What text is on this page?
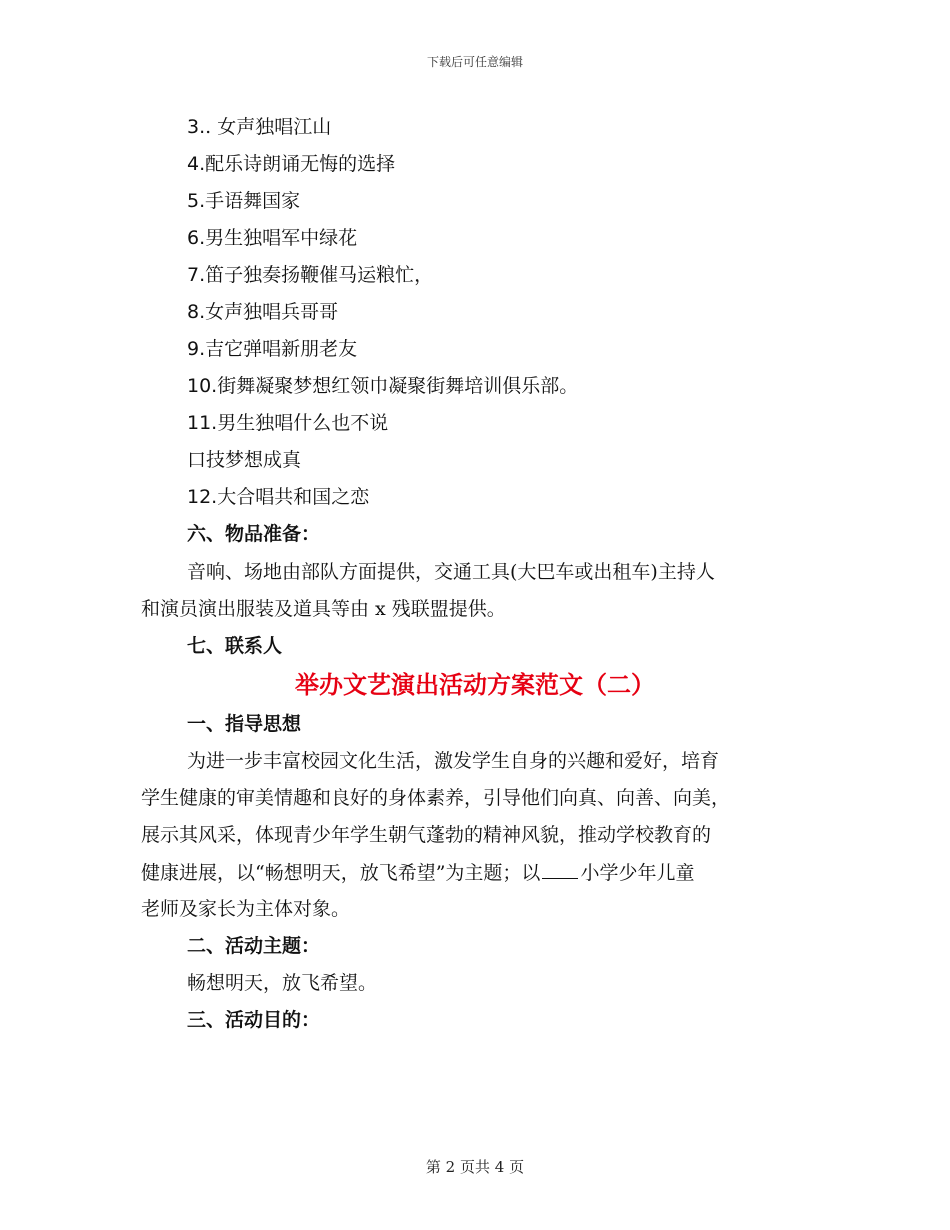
下载后可任意编辑
3.. 女声独唱江山
4.配乐诗朗诵无悔的选择
5.手语舞国家
6.男生独唱军中绿花
7.笛子独奏扬鞭催马运粮忙，
8.女声独唱兵哥哥
9.吉它弹唱新朋老友
10.街舞凝聚梦想红领巾凝聚街舞培训俱乐部。
11.男生独唱什么也不说
口技梦想成真
12.大合唱共和国之恋
六、物品准备：
音响、场地由部队方面提供，交通工具(大巴车或出租车)主持人
和演员演出服装及道具等由 x 残联盟提供。
七、联系人
举办文艺演出活动方案范文（二）
一、指导思想
为进一步丰富校园文化生活，激发学生自身的兴趣和爱好，培育
学生健康的审美情趣和良好的身体素养，引导他们向真、向善、向美，
展示其风采，体现青少年学生朝气蓬勃的精神风貌，推动学校教育的
健康进展，以“畅想明天，放飞希望”为主题；以 小学少年儿童
老师及家长为主体对象。
二、活动主题：
畅想明天，放飞希望。
三、活动目的：
第 2 页共 4 页
